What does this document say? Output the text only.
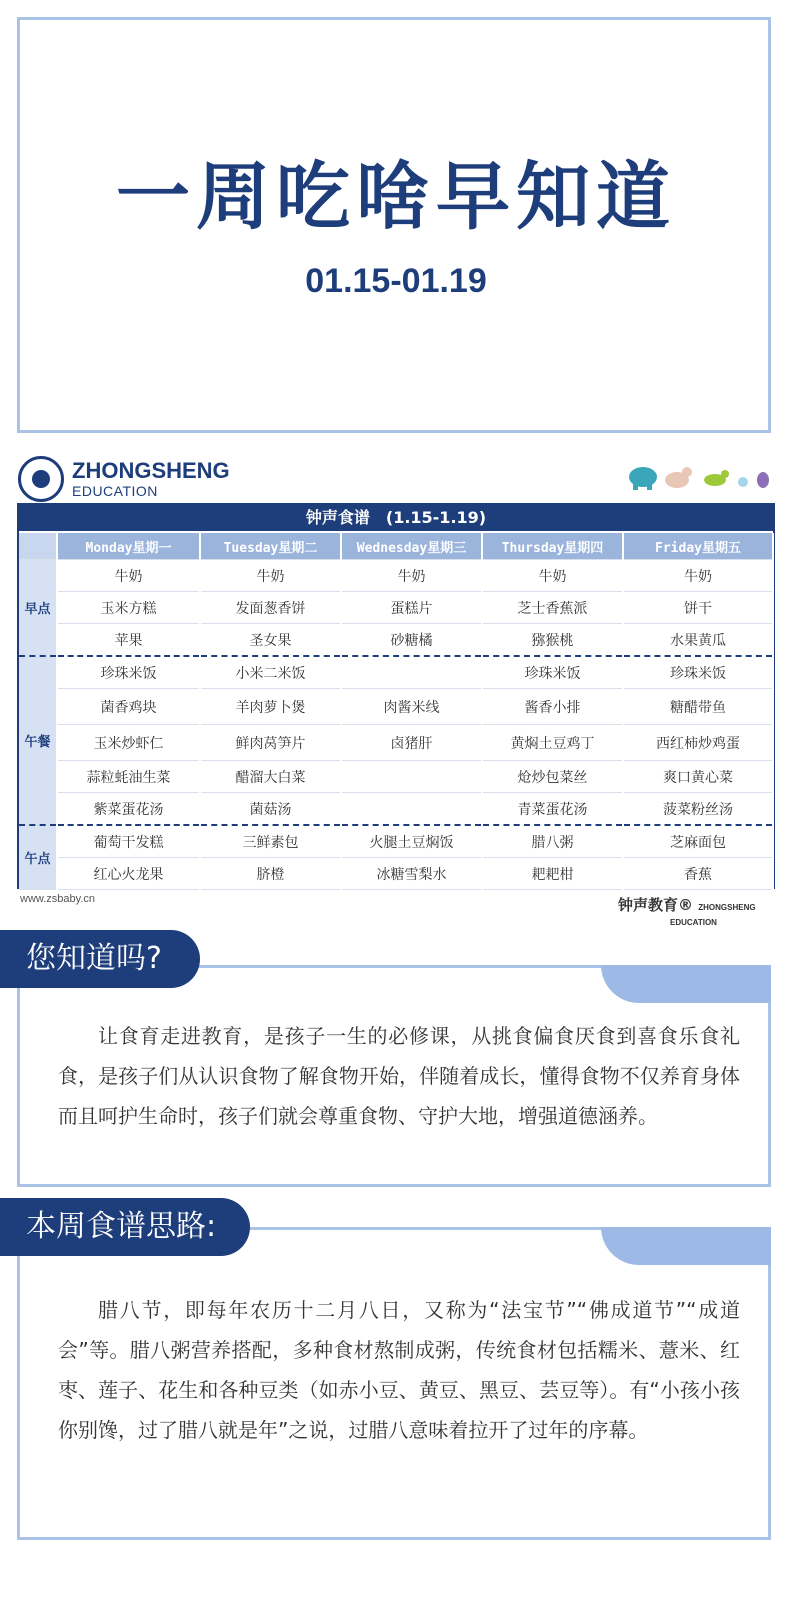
一周吃啥早知道
01.15-01.19
ZHONGSHENG
EDUCATION
钟声食谱　(1.15-1.19)
	Monday星期一	Tuesday星期二	Wednesday星期三	Thursday星期四	Friday星期五
早点	牛奶	牛奶	牛奶	牛奶	牛奶
	玉米方糕	发面葱香饼	蛋糕片	芝士香蕉派	饼干
	苹果	圣女果	砂糖橘	猕猴桃	水果黄瓜
午餐	珍珠米饭	小米二米饭		珍珠米饭	珍珠米饭
	菌香鸡块	羊肉萝卜煲	肉酱米线	酱香小排	糖醋带鱼
	玉米炒虾仁	鲜肉莴笋片	卤猪肝	黄焖土豆鸡丁	西红柿炒鸡蛋
	蒜粒蚝油生菜	醋溜大白菜		炝炒包菜丝	爽口黄心菜
	紫菜蛋花汤	菌菇汤		青菜蛋花汤	菠菜粉丝汤
午点	葡萄干发糕	三鲜素包	火腿土豆焖饭	腊八粥	芝麻面包
	红心火龙果	脐橙	冰糖雪梨水	耙耙柑	香蕉
www.zsbaby.cn	钟声教育® ZHONGSHENG
$^{EDUCATION}$
您知道吗?
让食育走进教育，是孩子一生的必修课，从挑食偏食厌食到喜食乐食礼食，是孩子们从认识食物了解食物开始，伴随着成长，懂得食物不仅养育身体而且呵护生命时，孩子们就会尊重食物、守护大地，增强道德涵养。
本周食谱思路:
腊八节，即每年农历十二月八日，又称为“法宝节”“佛成道节”“成道会”等。腊八粥营养搭配，多种食材熬制成粥，传统食材包括糯米、薏米、红枣、莲子、花生和各种豆类（如赤小豆、黄豆、黑豆、芸豆等）。有“小孩小孩你别馋，过了腊八就是年”之说，过腊八意味着拉开了过年的序幕。
